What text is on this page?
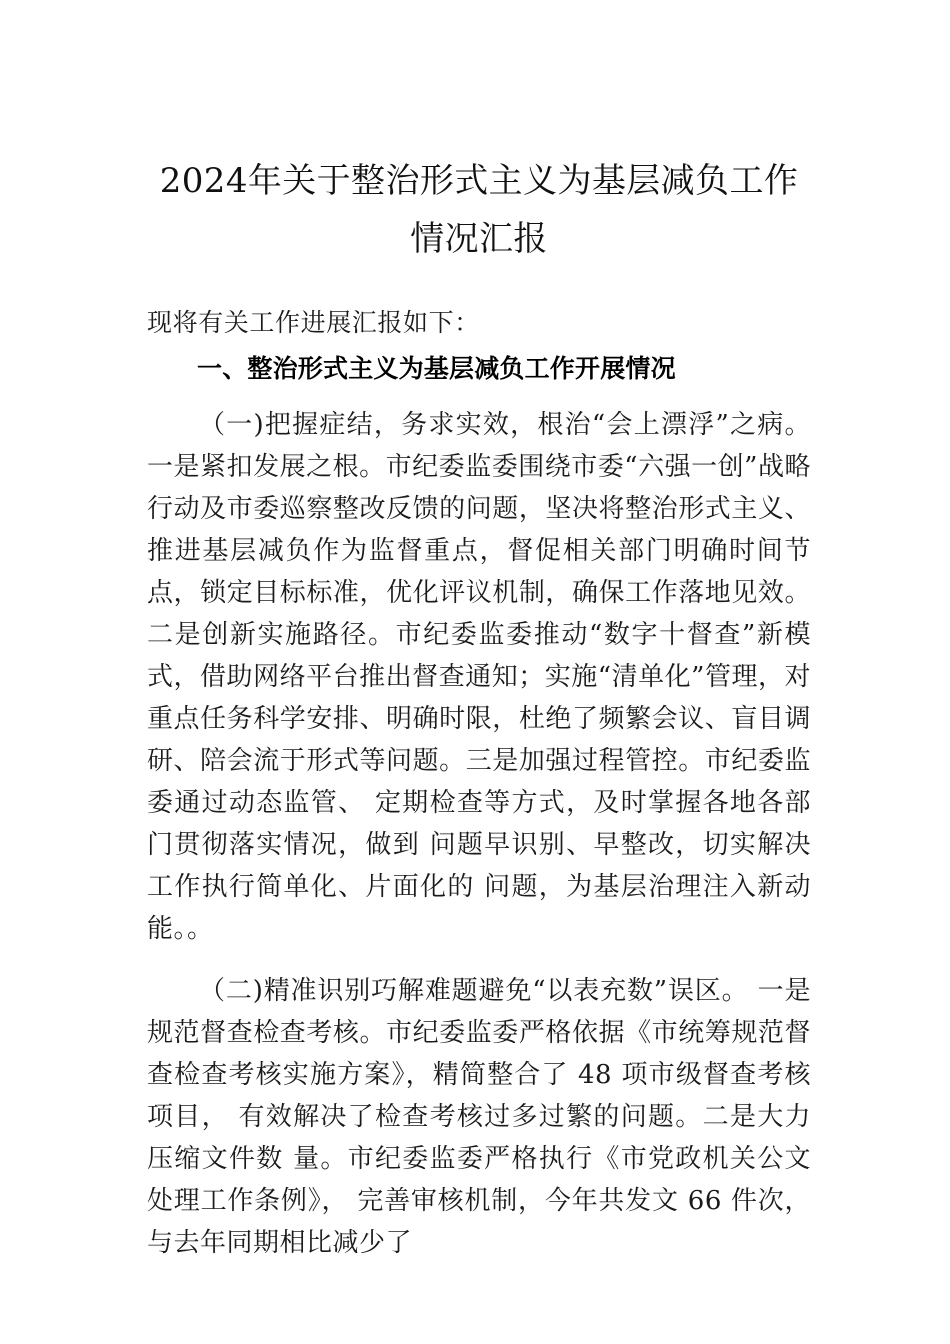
2024年关于整治形式主义为基层减负工作情况汇报

现将有关工作进展汇报如下：

一、整治形式主义为基层减负工作开展情况

（一)把握症结，务求实效，根治“会上漂浮”之病。一是紧扣发展之根。市纪委监委围绕市委“六强一创”战略行动及市委巡察整改反馈的问题，坚决将整治形式主义、推进基层减负作为监督重点，督促相关部门明确时间节点，锁定目标标准，优化评议机制，确保工作落地见效。二是创新实施路径。市纪委监委推动“数字十督查”新模式，借助网络平台推出督查通知；实施“清单化”管理，对重点任务科学安排、明确时限，杜绝了频繁会议、盲目调研、陪会流于形式等问题。三是加强过程管控。市纪委监委通过动态监管、 定期检查等方式，及时掌握各地各部门贯彻落实情况，做到 问题早识别、早整改，切实解决工作执行简单化、片面化的 问题，为基层治理注入新动能。。

（二)精准识别巧解难题避免“以表充数”误区。 一是规范督查检查考核。市纪委监委严格依据《市统筹规范督查检查考核实施方案》，精简整合了 48 项市级督查考核项目， 有效解决了检查考核过多过繁的问题。二是大力压缩文件数 量。市纪委监委严格执行《市党政机关公文处理工作条例》， 完善审核机制，今年共发文 66 件次，与去年同期相比减少了
